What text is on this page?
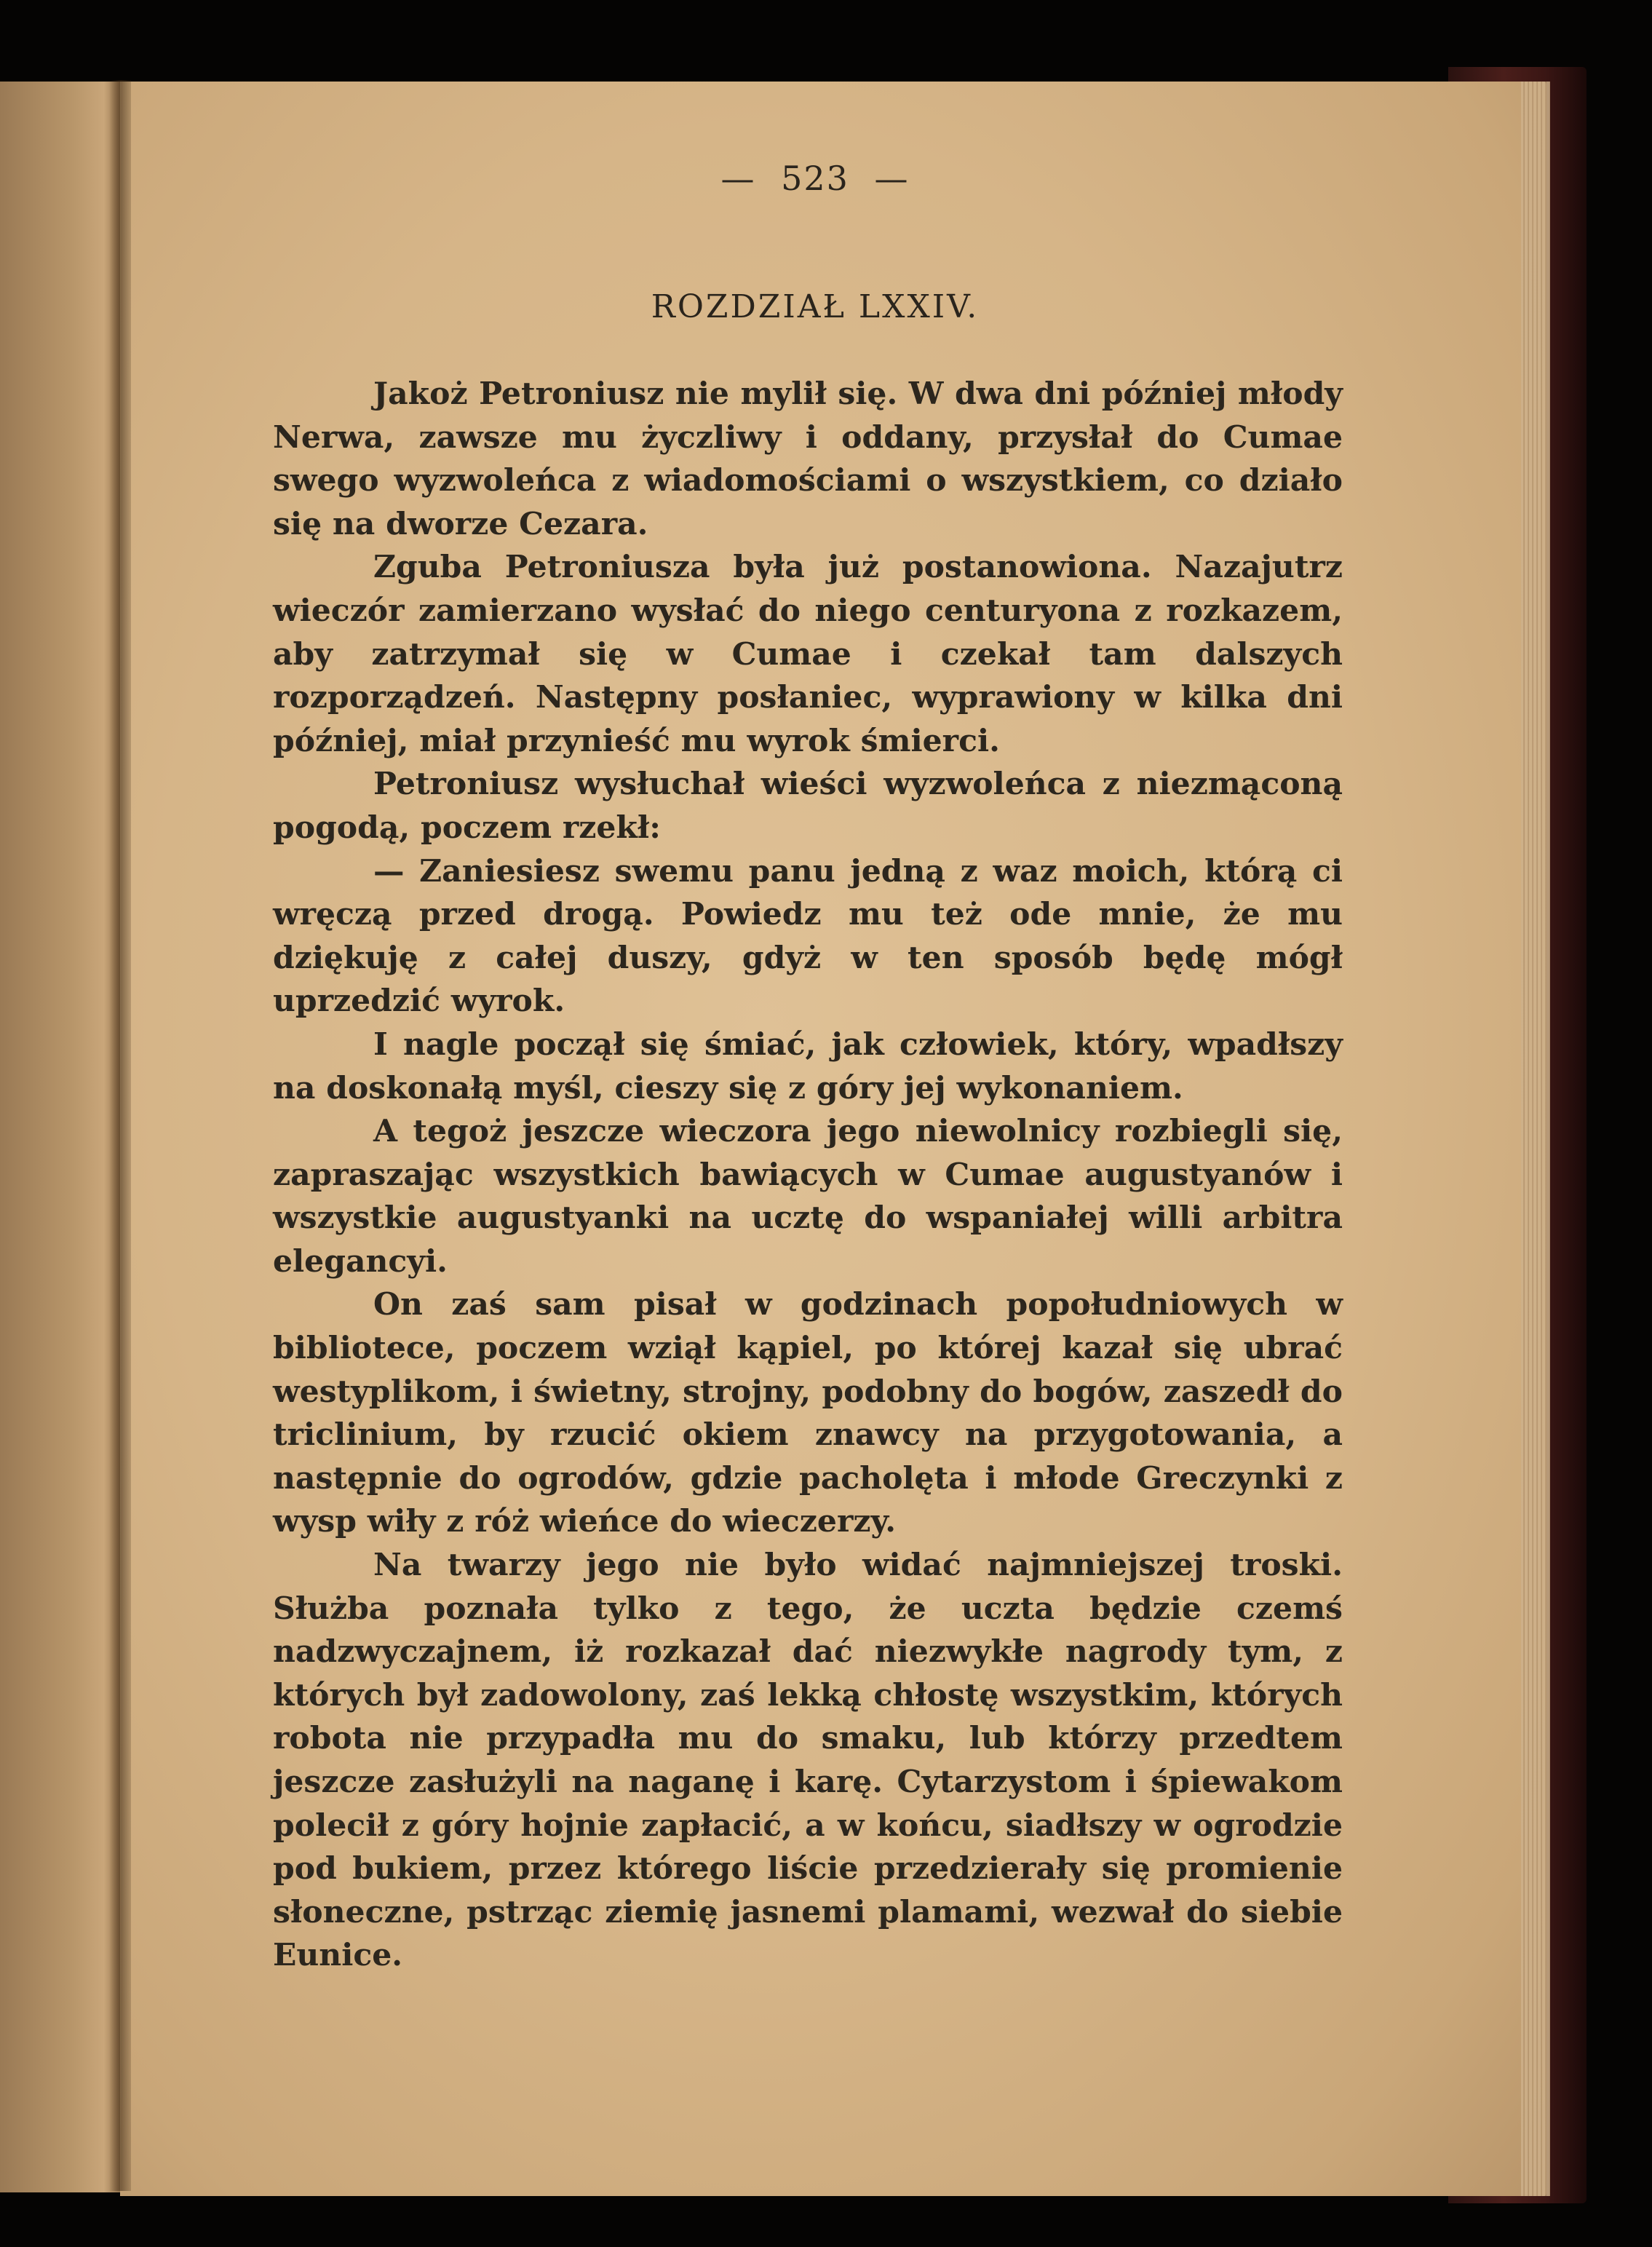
— 523 —
ROZDZIAŁ LXXIV.

Jakoż Petroniusz nie mylił się. W dwa dni później młody Nerwa, zawsze mu życzliwy i oddany, przysłał do Cumae swego wyzwoleńca z wiadomościami o wszystkiem, co działo się na dworze Cezara.

Zguba Petroniusza była już postanowiona. Nazajutrz wieczór zamierzano wysłać do niego centuryona z rozkazem, aby zatrzymał się w Cumae i czekał tam dalszych rozporządzeń. Następny posłaniec, wyprawiony w kilka dni później, miał przynieść mu wyrok śmierci.

Petroniusz wysłuchał wieści wyzwoleńca z niezmąconą pogodą, poczem rzekł:

— Zaniesiesz swemu panu jedną z waz moich, którą ci wręczą przed drogą. Powiedz mu też ode mnie, że mu dziękuję z całej duszy, gdyż w ten sposób będę mógł uprzedzić wyrok.

I nagle począł się śmiać, jak człowiek, który, wpadłszy na doskonałą myśl, cieszy się z góry jej wykonaniem.

A tegoż jeszcze wieczora jego niewolnicy rozbiegli się, zapraszając wszystkich bawiących w Cumae augustyanów i wszystkie augustyanki na ucztę do wspaniałej willi arbitra elegancyi.

On zaś sam pisał w godzinach popołudniowych w bibliotece, poczem wziął kąpiel, po której kazał się ubrać westyplikom, i świetny, strojny, podobny do bogów, zaszedł do triclinium, by rzucić okiem znawcy na przygotowania, a następnie do ogrodów, gdzie pacholęta i młode Greczynki z wysp wiły z róż wieńce do wieczerzy.

Na twarzy jego nie było widać najmniejszej troski. Służba poznała tylko z tego, że uczta będzie czemś nadzwyczajnem, iż rozkazał dać niezwykłe nagrody tym, z których był zadowolony, zaś lekką chłostę wszystkim, których robota nie przypadła mu do smaku, lub którzy przedtem jeszcze zasłużyli na naganę i karę. Cytarzystom i śpiewakom polecił z góry hojnie zapłacić, a w końcu, siadłszy w ogrodzie pod bukiem, przez którego liście przedzierały się promienie słoneczne, pstrząc ziemię jasnemi plamami, wezwał do siebie Eunice.
